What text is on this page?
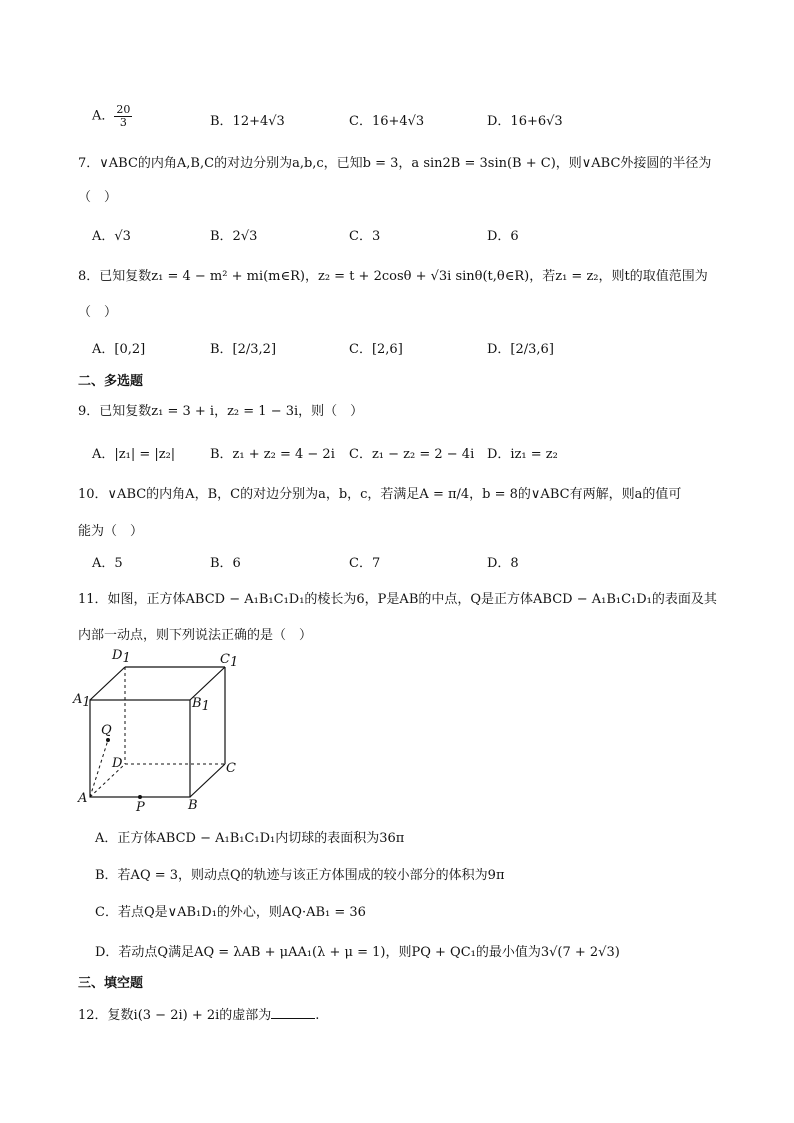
A． $\frac{20}{3}$	B．12+4√3	C．16+4√3	D．16+6√3
7．∨ABC的内角A,B,C的对边分别为a,b,c，已知b = 3，a sin2B = 3sin(B + C)，则∨ABC外接圆的半径为
（　）
A．√3	B．2√3	C．3	D．6
8．已知复数z₁ = 4 − m² + mi(m∈R)，z₂ = t + 2cosθ + √3i sinθ(t,θ∈R)，若z₁ = z₂，则t的取值范围为
（　）
A．[0,2]	B．[2/3,2]	C．[2,6]	D．[2/3,6]
二、多选题
9．已知复数z₁ = 3 + i，z₂ = 1 − 3i，则（　）
A．|z₁| = |z₂|	B．z₁ + z₂ = 4 − 2i C．z₁ − z₂ = 2 − 4i D．iz₁ = z₂
10．∨ABC的内角A，B，C的对边分别为a，b，c，若满足A = π/4，b = 8的∨ABC有两解，则a的值可
能为（　）
A．5	B．6	C．7	D．8
11．如图，正方体ABCD − A₁B₁C₁D₁的棱长为6，P是AB的中点，Q是正方体ABCD − A₁B₁C₁D₁的表面及其
内部一动点，则下列说法正确的是（　）
D1	C1
A1	B1
Q
D	C
A
P	B
A．正方体ABCD − A₁B₁C₁D₁内切球的表面积为36π
B．若AQ = 3，则动点Q的轨迹与该正方体围成的较小部分的体积为9π
C．若点Q是∨AB₁D₁的外心，则AQ·AB₁ = 36
D．若动点Q满足AQ = λAB + μAA₁(λ + μ = 1)，则PQ + QC₁的最小值为3√(7 + 2√3)
三、填空题
12．复数i(3 − 2i) + 2i的虚部为	.
